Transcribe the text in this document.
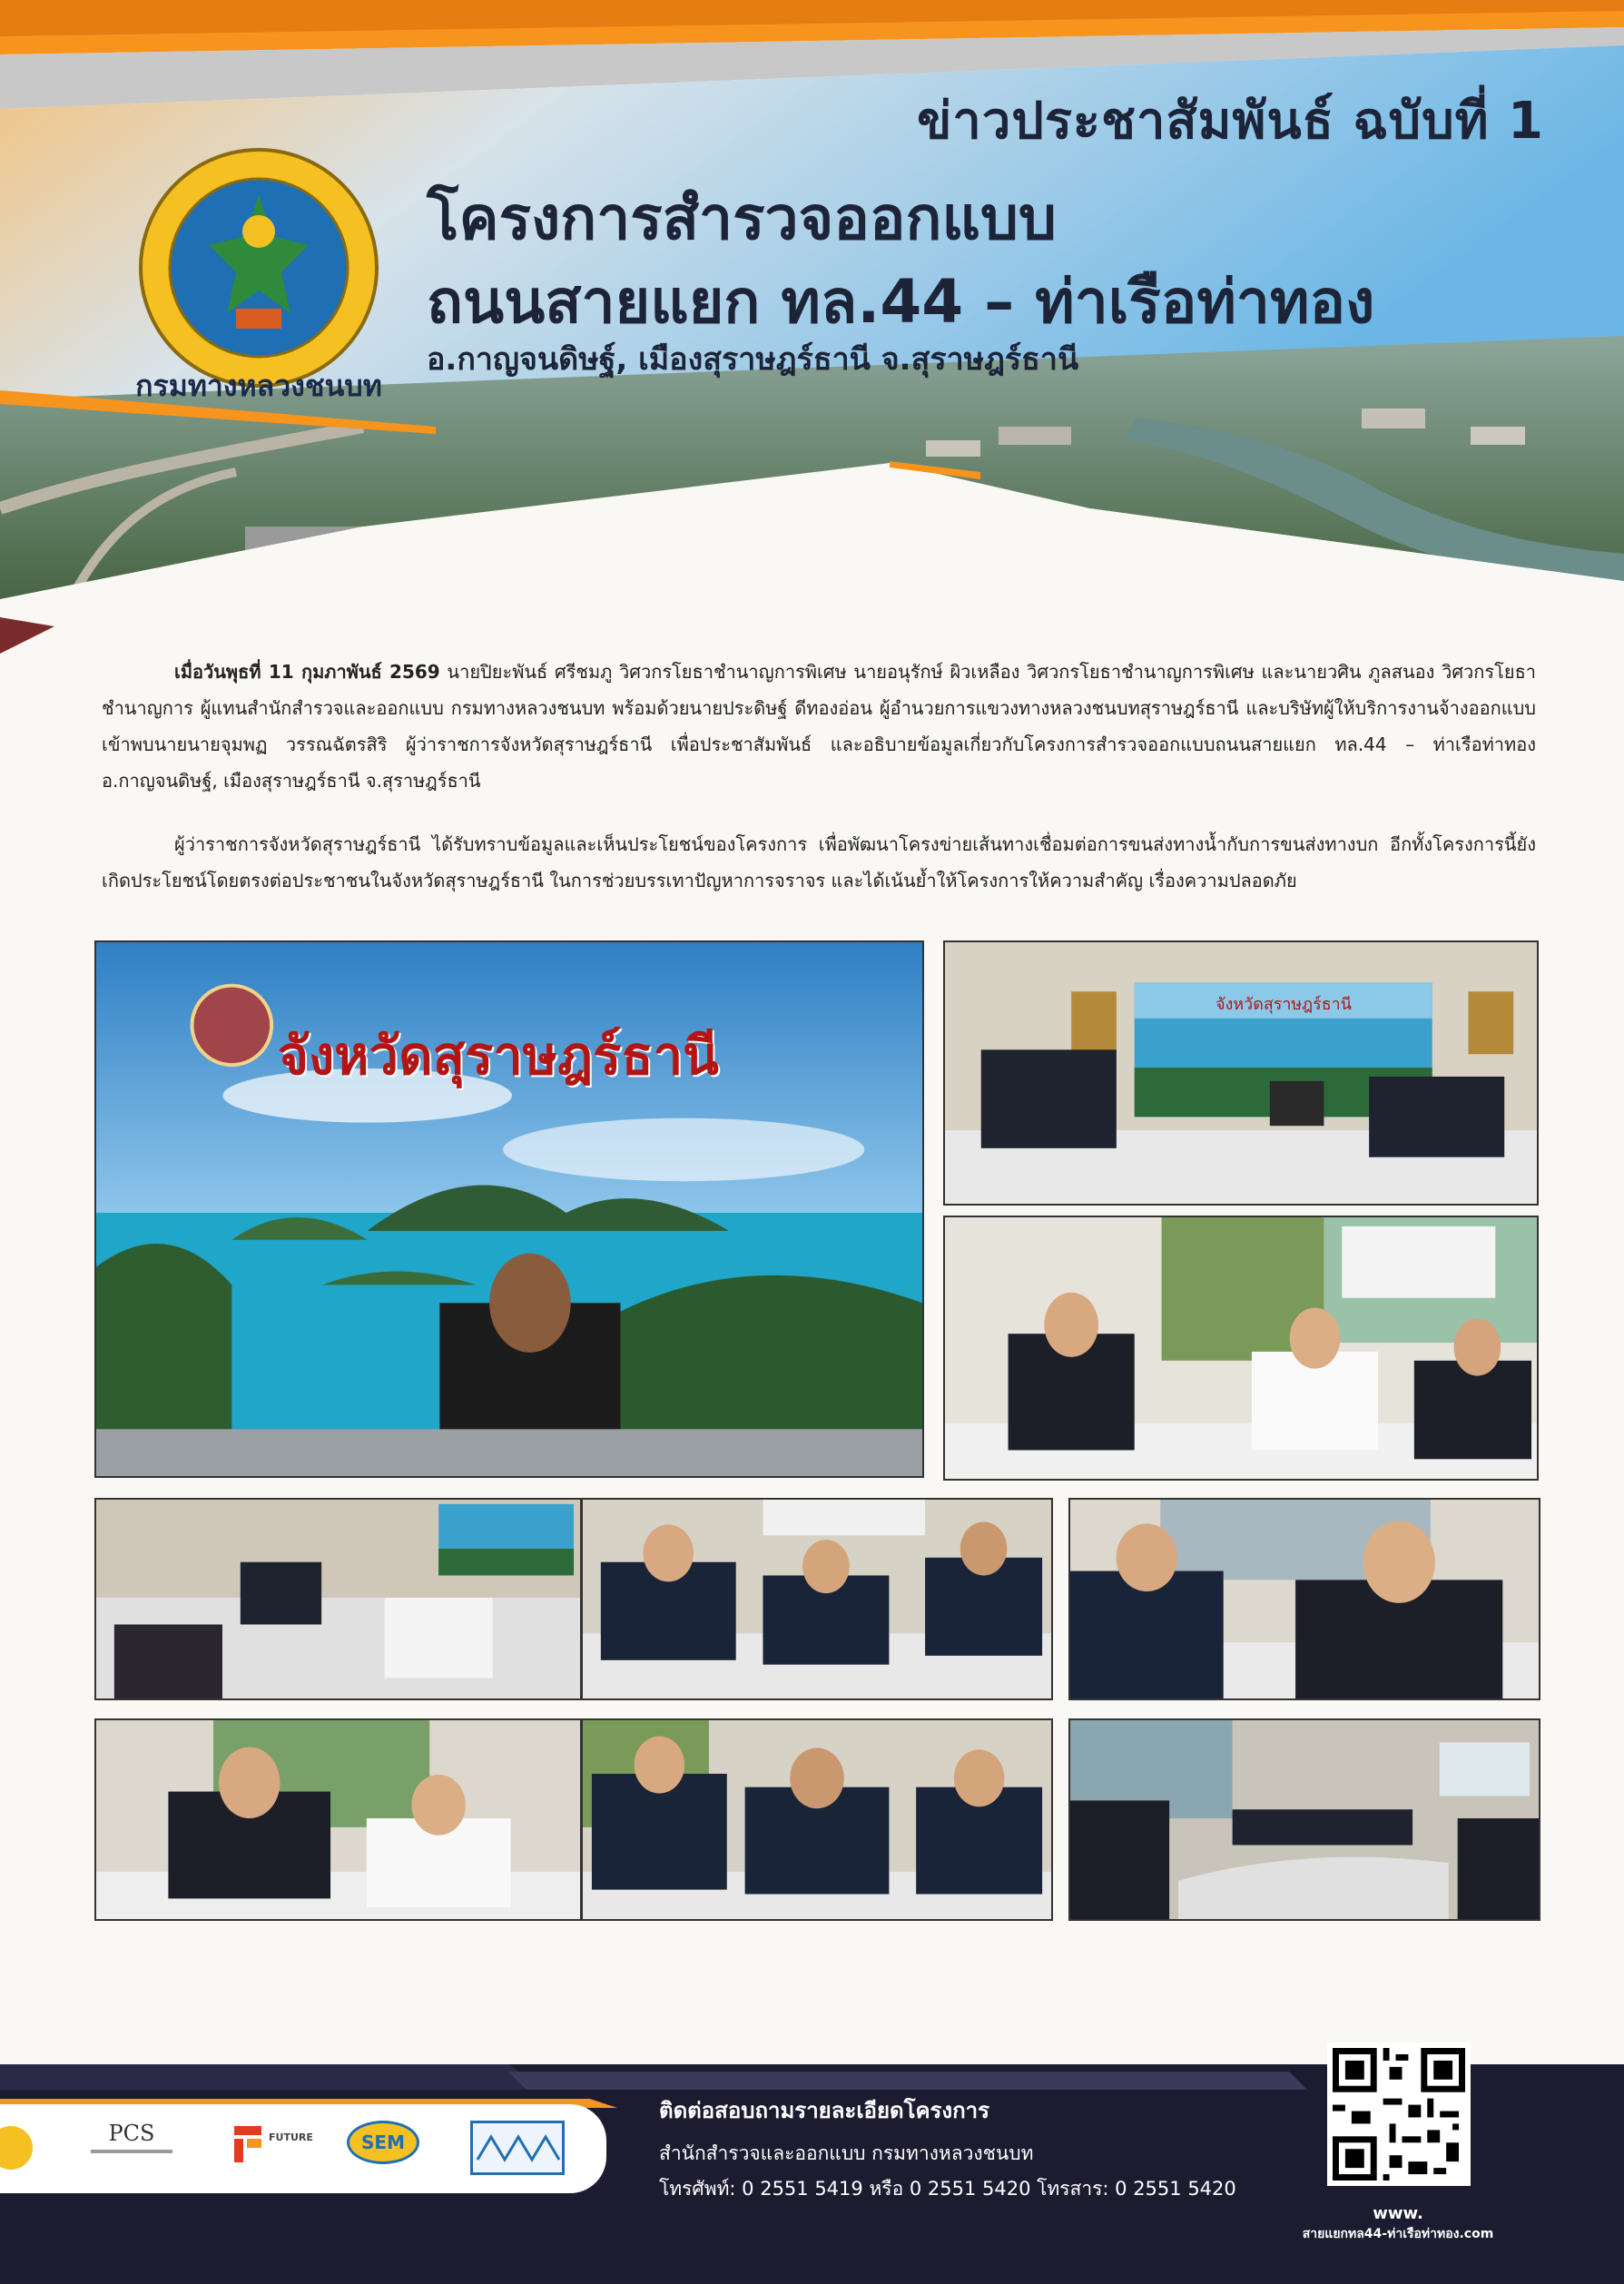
กรมทางหลวงชนบท
ข่าวประชาสัมพันธ์ ฉบับที่ 1
โครงการสำรวจออกแบบ
ถนนสายแยก ทล.44 – ท่าเรือท่าทอง
อ.กาญจนดิษฐ์, เมืองสุราษฎร์ธานี จ.สุราษฎร์ธานี
เมื่อวันพุธที่ 11 กุมภาพันธ์ 2569 นายปิยะพันธ์ ศรีชมภู วิศวกรโยธาชำนาญการพิเศษ นายอนุรักษ์ ผิวเหลือง วิศวกรโยธาชำนาญการพิเศษ และนายวศิน ภูลสนอง วิศวกรโยธาชำนาญการ ผู้แทนสำนักสำรวจและออกแบบ กรมทางหลวงชนบท พร้อมด้วยนายประดิษฐ์ ดีทองอ่อน ผู้อำนวยการแขวงทางหลวงชนบทสุราษฎร์ธานี และบริษัทผู้ให้บริการงานจ้างออกแบบ เข้าพบนายนายจุมพฏ วรรณฉัตรสิริ ผู้ว่าราชการจังหวัดสุราษฎร์ธานี เพื่อประชาสัมพันธ์ และอธิบายข้อมูลเกี่ยวกับโครงการสำรวจออกแบบถนนสายแยก ทล.44 – ท่าเรือท่าทอง อ.กาญจนดิษฐ์, เมืองสุราษฎร์ธานี จ.สุราษฎร์ธานี
ผู้ว่าราชการจังหวัดสุราษฎร์ธานี ได้รับทราบข้อมูลและเห็นประโยชน์ของโครงการ เพื่อพัฒนาโครงข่ายเส้นทางเชื่อมต่อการขนส่งทางน้ำกับการขนส่งทางบก อีกทั้งโครงการนี้ยังเกิดประโยชน์โดยตรงต่อประชาชนในจังหวัดสุราษฎร์ธานี ในการช่วยบรรเทาปัญหาการจราจร และได้เน้นย้ำให้โครงการให้ความสำคัญ เรื่องความปลอดภัย
จังหวัดสุราษฎร์ธานี
จังหวัดสุราษฎร์ธานี
PCS	FUTURE	SEM
ติดต่อสอบถามรายละเอียดโครงการ
สำนักสำรวจและออกแบบ กรมทางหลวงชนบท
โทรศัพท์: 0 2551 5419 หรือ 0 2551 5420 โทรสาร: 0 2551 5420
www.
สายแยกทล44-ท่าเรือท่าทอง.com
